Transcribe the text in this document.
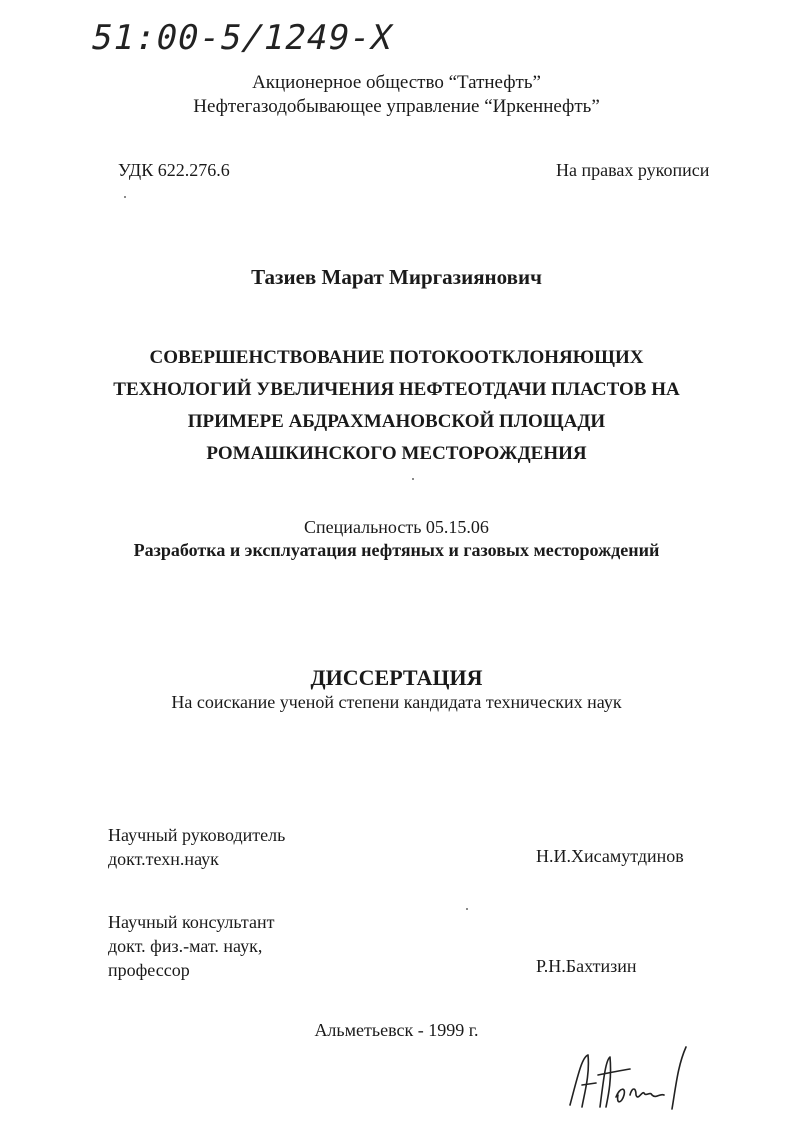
51:00-5/1249-X
Акционерное общество “Татнефть”
Нефтегазодобывающее управление “Иркеннефть”
УДК 622.276.6	На правах рукописи
Тазиев Марат Миргазиянович
СОВЕРШЕНСТВОВАНИЕ ПОТОКООТКЛОНЯЮЩИХ
ТЕХНОЛОГИЙ УВЕЛИЧЕНИЯ НЕФТЕОТДАЧИ ПЛАСТОВ НА
ПРИМЕРЕ АБДРАХМАНОВСКОЙ ПЛОЩАДИ
РОМАШКИНСКОГО МЕСТОРОЖДЕНИЯ
Специальность 05.15.06
Разработка и эксплуатация нефтяных и газовых месторождений
ДИССЕРТАЦИЯ
На соискание ученой степени кандидата технических наук
Научный руководитель
докт.техн.наук	Н.И.Хисамутдинов
Научный консультант
докт. физ.-мат. наук,
профессор	Р.Н.Бахтизин
Альметьевск - 1999 г.
